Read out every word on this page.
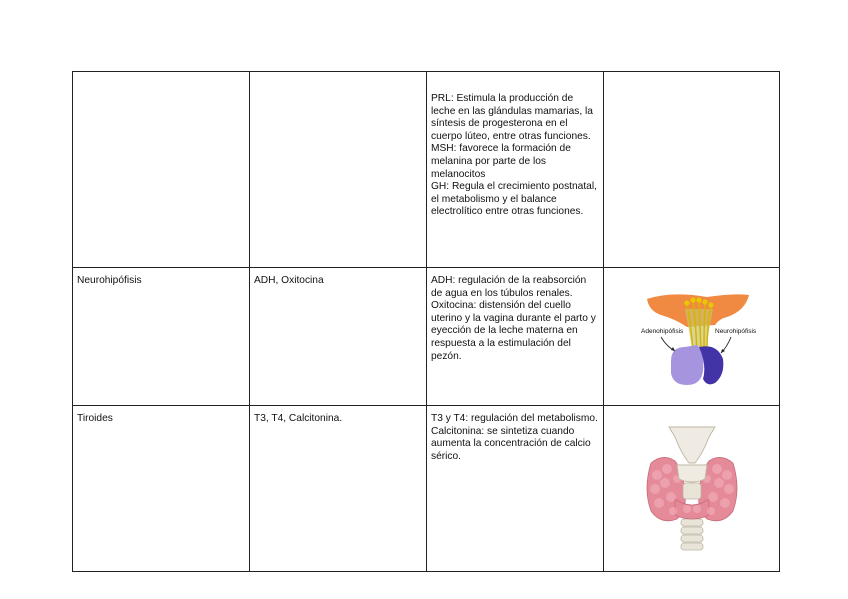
		PRL: Estimula la producción de leche en las glándulas mamarias, la síntesis de progesterona en el cuerpo lúteo, entre otras funciones.
MSH: favorece la formación de melanina por parte de los melanocitos
GH: Regula el crecimiento postnatal, el metabolismo y el balance electrolítico entre otras funciones.	
Neurohipófisis	ADH, Oxitocina	ADH: regulación de la reabsorción de agua en los túbulos renales.
Oxitocina: distensión del cuello uterino y la vagina durante el parto y eyección de la leche materna en respuesta a la estimulación del pezón.	Adenohipófisis Neurohipófisis

Tiroides	T3, T4, Calcitonina.	T3 y T4: regulación del metabolismo.
Calcitonina: se sintetiza cuando aumenta la concentración de calcio sérico.	
